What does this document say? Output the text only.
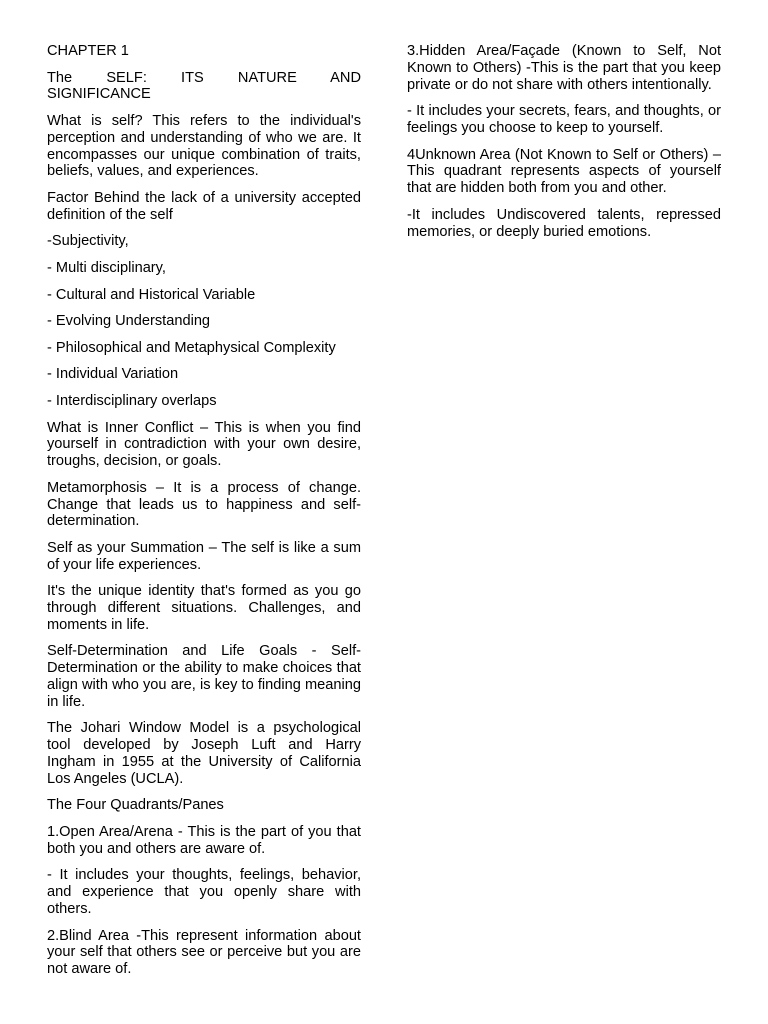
CHAPTER 1

The SELF: ITS NATURE AND
SIGNIFICANCE

What is self? This refers to the individual's perception and understanding of who we are. It encompasses our unique combination of traits, beliefs, values, and experiences.

Factor Behind the lack of a university accepted definition of the self

-Subjectivity,

- Multi disciplinary,

- Cultural and Historical Variable

- Evolving Understanding

- Philosophical and Metaphysical Complexity

- Individual Variation

- Interdisciplinary overlaps

What is Inner Conflict – This is when you find yourself in contradiction with your own desire, troughs, decision, or goals.

Metamorphosis – It is a process of change. Change that leads us to happiness and self-determination.

Self as your Summation – The self is like a sum of your life experiences.

It's the unique identity that's formed as you go through different situations. Challenges, and moments in life.

Self-Determination and Life Goals - Self-Determination or the ability to make choices that align with who you are, is key to finding meaning in life.

The Johari Window Model is a psychological tool developed by Joseph Luft and Harry Ingham in 1955 at the University of California Los Angeles (UCLA).

The Four Quadrants/Panes

1.Open Area/Arena - This is the part of you that both you and others are aware of.

- It includes your thoughts, feelings, behavior, and experience that you openly share with others.

2.Blind Area -This represent information about your self that others see or perceive but you are not aware of.

3.Hidden Area/Façade (Known to Self, Not Known to Others) -This is the part that you keep private or do not share with others intentionally.

- It includes your secrets, fears, and thoughts, or feelings you choose to keep to yourself.

4Unknown Area (Not Known to Self or Others) – This quadrant represents aspects of yourself that are hidden both from you and other.

-It includes Undiscovered talents, repressed memories, or deeply buried emotions.
